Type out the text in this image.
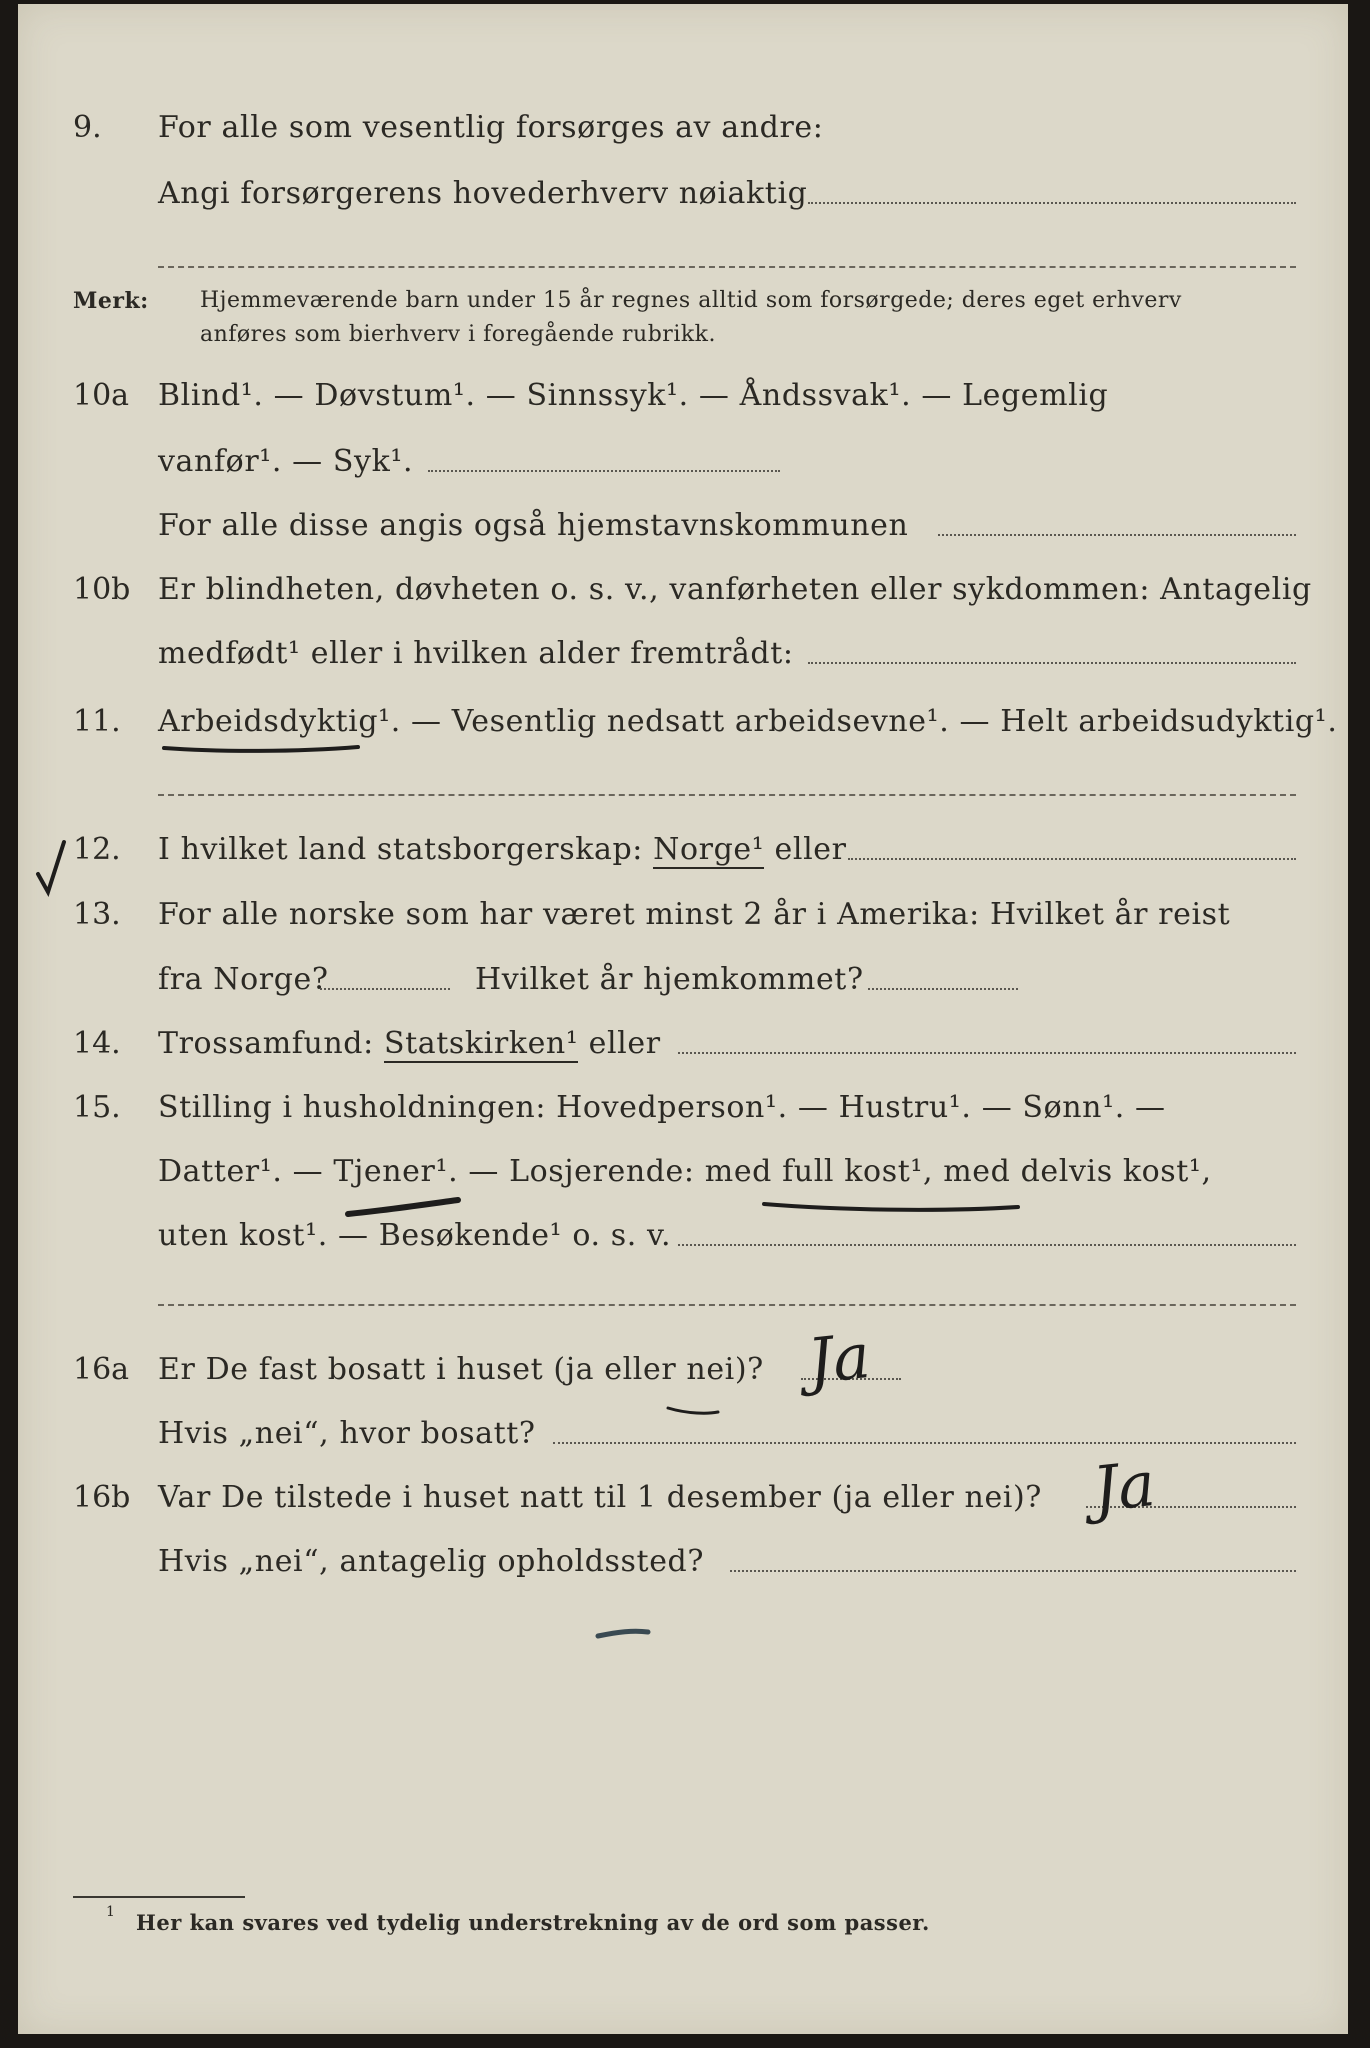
9. For alle som vesentlig forsørges av andre:
Angi forsørgerens hovederhverv nøiaktig
Merk: Hjemmeværende barn under 15 år regnes alltid som forsørgede; deres eget erhverv
anføres som bierhverv i foregående rubrikk.
10a Blind¹. — Døvstum¹. — Sinnssyk¹. — Åndssvak¹. — Legemlig
vanfør¹. — Syk¹.
For alle disse angis også hjemstavnskommunen
10b Er blindheten, døvheten o. s. v., vanførheten eller sykdommen: Antagelig
medfødt¹ eller i hvilken alder fremtrådt:
11. Arbeidsdyktig¹. — Vesentlig nedsatt arbeidsevne¹. — Helt arbeidsudyktig¹.
12. I hvilket land statsborgerskap: Norge¹ eller
13. For alle norske som har været minst 2 år i Amerika: Hvilket år reist
fra Norge?	Hvilket år hjemkommet?
14. Trossamfund: Statskirken¹ eller
15. Stilling i husholdningen: Hovedperson¹. — Hustru¹. — Sønn¹. —
Datter¹. — Tjener¹. — Losjerende: med full kost¹, med delvis kost¹,
uten kost¹. — Besøkende¹ o. s. v.
16a Er De fast bosatt i huset (ja eller nei)?
Hvis „nei“, hvor bosatt?
16b Var De tilstede i huset natt til 1 desember (ja eller nei)?
Hvis „nei“, antagelig opholdssted?
1 Her kan svares ved tydelig understrekning av de ord som passer.
Ja
Ja
